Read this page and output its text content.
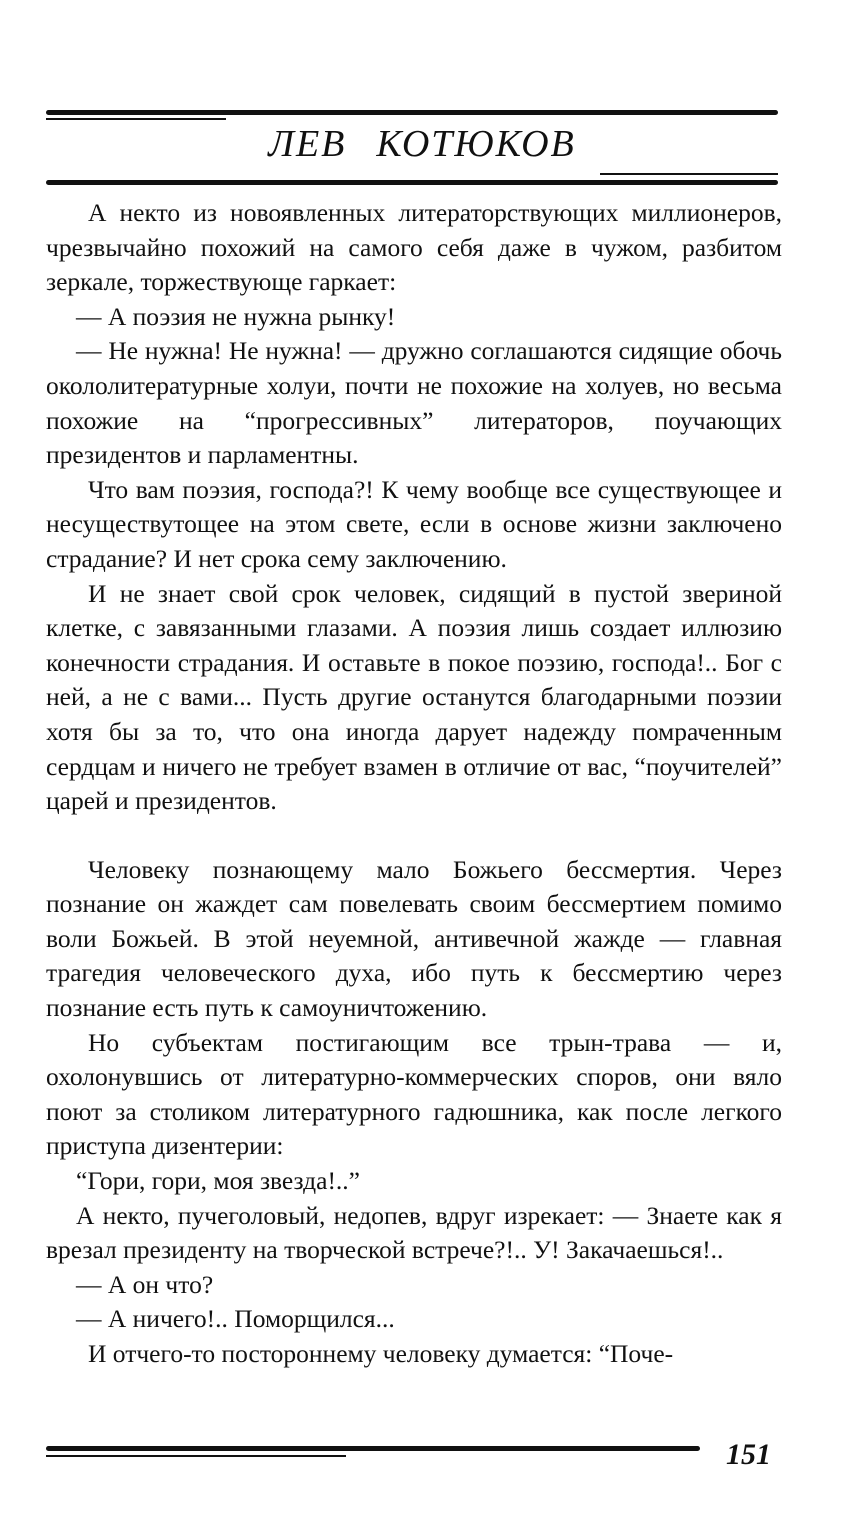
ЛЕВ КОТЮКОВ

А некто из новоявленных литераторствующих миллионеров, чрезвычайно похожий на самого себя даже в чужом, разбитом зеркале, торжествующе гаркает:

— А поэзия не нужна рынку!

— Не нужна! Не нужна! — дружно соглашаются сидящие обочь окололитературные холуи, почти не похожие на холуев, но весьма похожие на “прогрессивных” литераторов, поучающих президентов и парламентны.

Что вам поэзия, господа?! К чему вообще все существующее и несуществутощее на этом свете, если в основе жизни заключено страдание? И нет срока сему заключению.

И не знает свой срок человек, сидящий в пустой звериной клетке, с завязанными глазами. А поэзия лишь создает иллюзию конечности страдания. И оставьте в покое поэзию, господа!.. Бог с ней, а не с вами... Пусть другие останутся благодарными поэзии хотя бы за то, что она иногда дарует надежду помраченным сердцам и ничего не требует взамен в отличие от вас, “поучителей” царей и президентов.

Человеку познающему мало Божьего бессмертия. Через познание он жаждет сам повелевать своим бессмертием помимо воли Божьей. В этой неуемной, антивечной жажде — главная трагедия человеческого духа, ибо путь к бессмертию через познание есть путь к самоуничтожению.

Но субъектам постигающим все трын-трава — и, охолонувшись от литературно-коммерческих споров, они вяло поют за столиком литературного гадюшника, как после легкого приступа дизентерии:

“Гори, гори, моя звезда!..”

А некто, пучеголовый, недопев, вдруг изрекает: — Знаете как я врезал президенту на творческой встрече?!.. У! Закачаешься!..

— А он что?

— А ничего!.. Поморщился...

И отчего-то постороннему человеку думается: “Поче-

151
